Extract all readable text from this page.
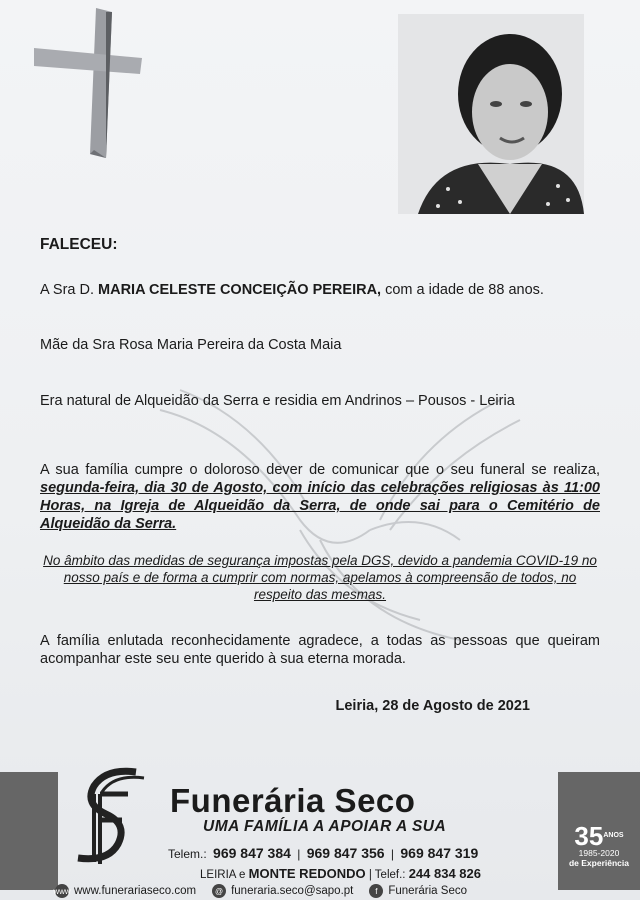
FALECEU:
A Sra D. MARIA CELESTE CONCEIÇÃO PEREIRA, com a idade de 88 anos.
Mãe da Sra Rosa Maria Pereira da Costa Maia
Era natural de Alqueidão da Serra e residia em Andrinos – Pousos - Leiria
A sua família cumpre o doloroso dever de comunicar que o seu funeral se realiza, segunda-feira, dia 30 de Agosto, com início das celebrações religiosas às 11:00 Horas, na Igreja de Alqueidão da Serra, de onde sai para o Cemitério de Alqueidão da Serra.
No âmbito das medidas de segurança impostas pela DGS, devido a pandemia COVID-19 no nosso país e de forma a cumprir com normas, apelamos à compreensão de todos, no respeito das mesmas.
A família enlutada reconhecidamente agradece, a todas as pessoas que queiram acompanhar este seu ente querido à sua eterna morada.
Leiria, 28 de Agosto de 2021
Funerária Seco
UMA FAMÍLIA A APOIAR A SUA
Telem.: 969 847 384 | 969 847 356 | 969 847 319
LEIRIA e MONTE REDONDO | Telef.: 244 834 826
www www.funerariaseco.com	@ funeraria.seco@sapo.pt	f Funerária Seco
$35^{ANOS}$
1985-2020
de Experiência
